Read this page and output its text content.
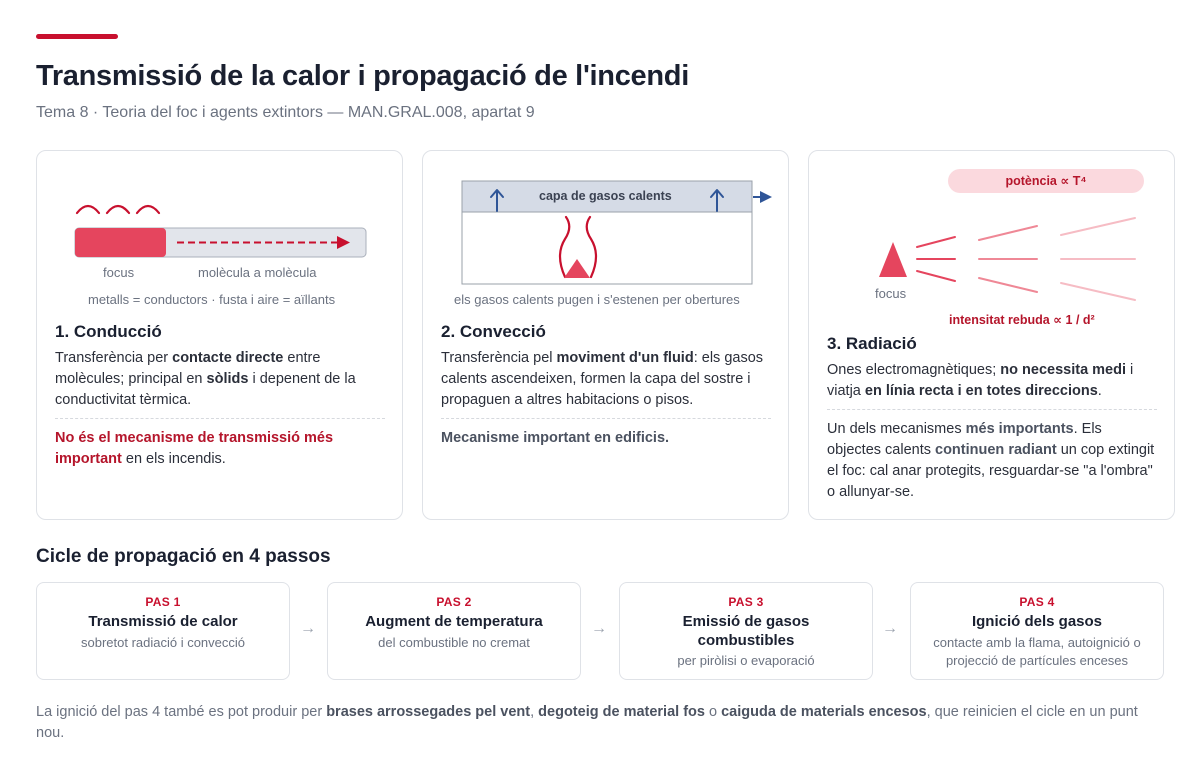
Transmissió de la calor i propagació de l'incendi
Tema 8 · Teoria del foc i agents extintors — MAN.GRAL.008, apartat 9
focus	molècula a molècula
metalls = conductors · fusta i aire = aïllants
1. Conducció

Transferència per contacte directe entre molècules; principal en sòlids i depenent de la conductivitat tèrmica.

No és el mecanisme de transmissió més important en els incendis.

capa de gasos calents
els gasos calents pugen i s'estenen per obertures
2. Convecció

Transferència pel moviment d'un fluid: els gasos calents ascendeixen, formen la capa del sostre i propaguen a altres habitacions o pisos.

Mecanisme important en edificis.

potència ∝ T⁴
focus
intensitat rebuda ∝ 1 / d²
3. Radiació

Ones electromagnètiques; no necessita medi i viatja en línia recta i en totes direccions.

Un dels mecanismes més importants. Els objectes calents continuen radiant un cop extingit el foc: cal anar protegits, resguardar-se "a l'ombra" o allunyar-se.

Cicle de propagació en 4 passos
PAS 1
Transmissió de calor
sobretot radiació i convecció
→
PAS 2
Augment de temperatura
del combustible no cremat
→
PAS 3
Emissió de gasos combustibles
per piròlisi o evaporació
→
PAS 4
Ignició dels gasos
contacte amb la flama, autoignició o projecció de partícules enceses

La ignició del pas 4 també es pot produir per brases arrossegades pel vent, degoteig de material fos o caiguda de materials encesos, que reinicien el cicle en un punt nou.
